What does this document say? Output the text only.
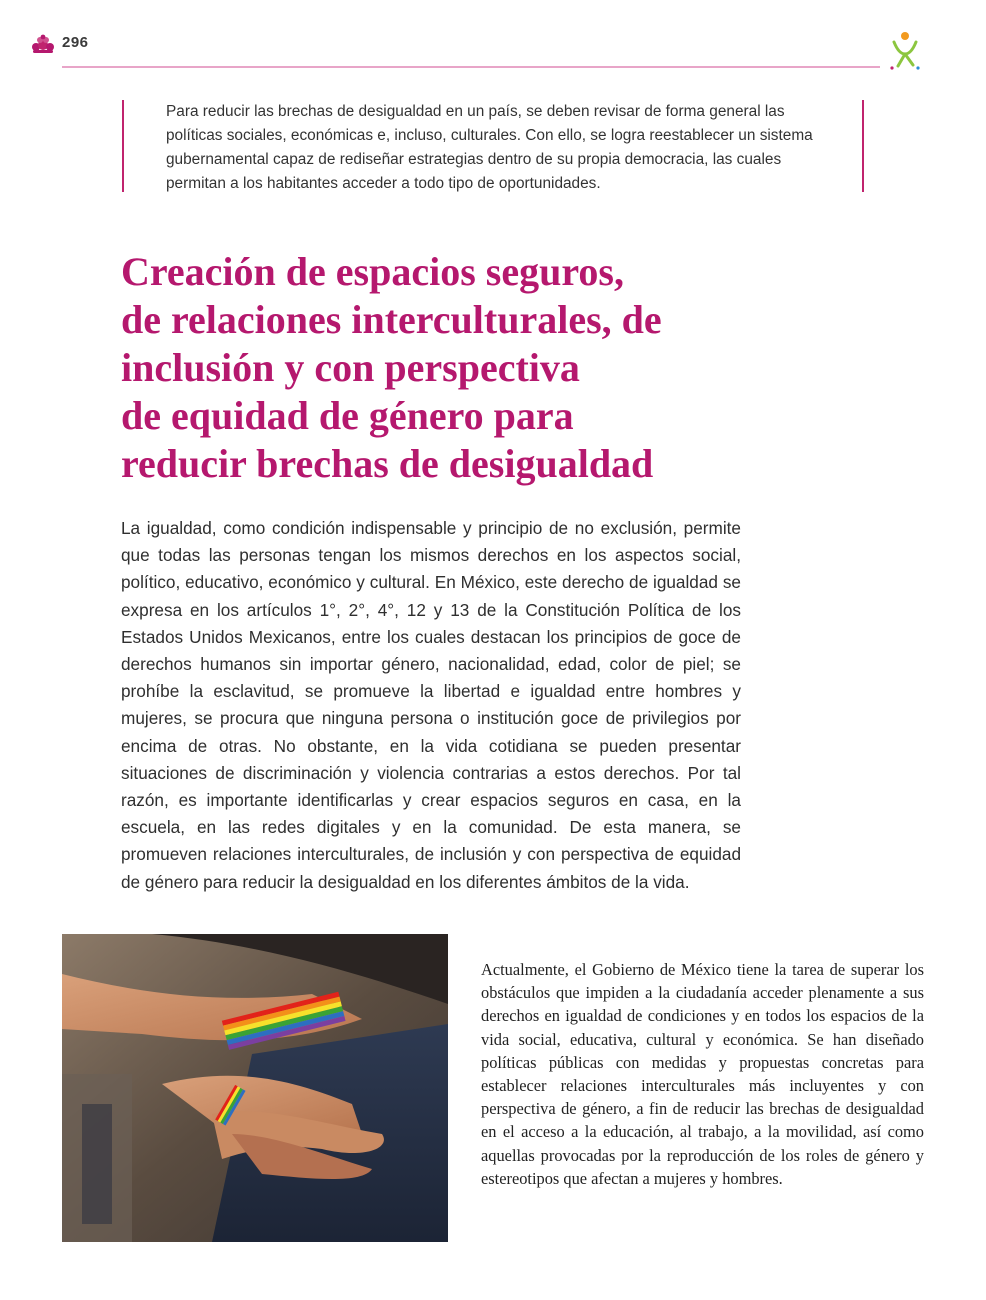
296

Para reducir las brechas de desigualdad en un país, se deben revisar de forma general las políticas sociales, económicas e, incluso, culturales. Con ello, se logra reestablecer un sistema gubernamental capaz de rediseñar estrategias dentro de su propia democracia, las cuales permitan a los habitantes acceder a todo tipo de oportunidades.

Creación de espacios seguros,
de relaciones interculturales, de
inclusión y con perspectiva
de equidad de género para
reducir brechas de desigualdad

La igualdad, como condición indispensable y principio de no exclusión, permite que todas las personas tengan los mismos derechos en los aspectos social, político, educativo, económico y cultural. En México, este derecho de igualdad se expresa en los artículos 1°, 2°, 4°, 12 y 13 de la Constitución Política de los Estados Unidos Mexicanos, entre los cuales destacan los principios de goce de derechos humanos sin importar género, nacionalidad, edad, color de piel; se prohíbe la esclavitud, se promueve la libertad e igualdad entre hombres y mujeres, se procura que ninguna persona o institución goce de privilegios por encima de otras. No obstante, en la vida cotidiana se pueden presentar situaciones de discriminación y violencia contrarias a estos derechos. Por tal razón, es importante identificarlas y crear espacios seguros en casa, en la escuela, en las redes digitales y en la comunidad. De esta manera, se promueven relaciones interculturales, de inclusión y con perspectiva de equidad de género para reducir la desigualdad en los diferentes ámbitos de la vida.

Actualmente, el Gobierno de México tiene la tarea de superar los obstáculos que impiden a la ciudadanía acceder plenamente a sus derechos en igualdad de condiciones y en todos los espacios de la vida social, educativa, cultural y económica. Se han diseñado políticas públicas con medidas y propuestas concretas para establecer relaciones interculturales más incluyentes y con perspectiva de género, a fin de reducir las brechas de desigualdad en el acceso a la educación, al trabajo, a la movilidad, así como aquellas provocadas por la reproducción de los roles de género y estereotipos que afectan a mujeres y hombres.
